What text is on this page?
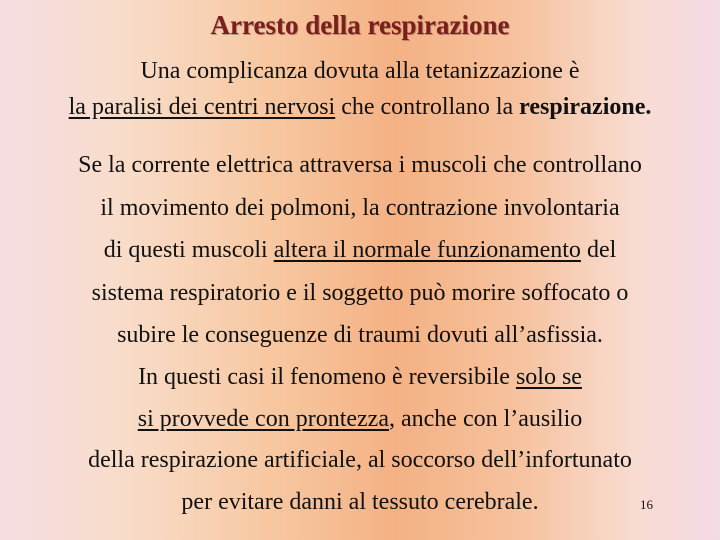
Arresto della respirazione
Una complicanza dovuta alla tetanizzazione è
la paralisi dei centri nervosi che controllano la respirazione.
Se la corrente elettrica attraversa i muscoli che controllano
il movimento dei polmoni, la contrazione involontaria
di questi muscoli altera il normale funzionamento del
sistema respiratorio e il soggetto può morire soffocato o
subire le conseguenze di traumi dovuti all’asfissia.
In questi casi il fenomeno è reversibile solo se
si provvede con prontezza, anche con l’ausilio
della respirazione artificiale, al soccorso dell’infortunato
per evitare danni al tessuto cerebrale.	16
